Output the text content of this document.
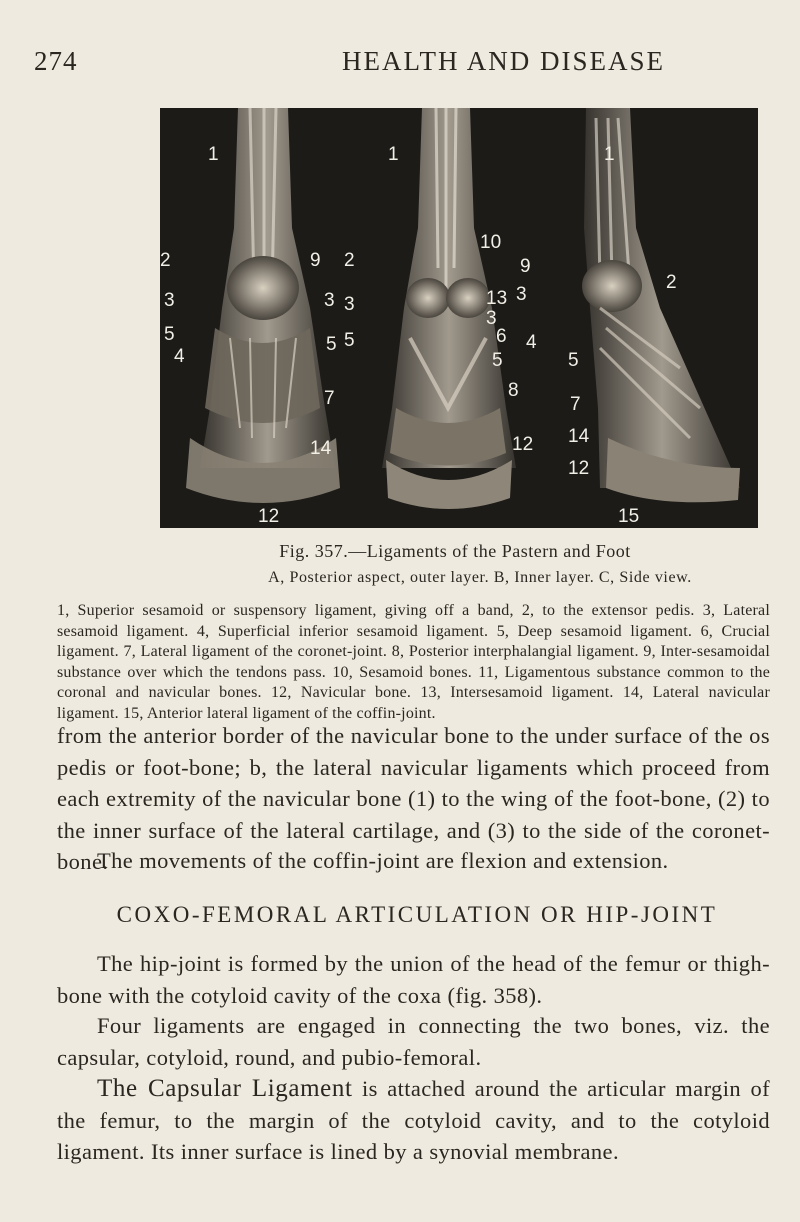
274	HEALTH AND DISEASE
1
2	9
3	3
5	5
4
7
14
12
1
10
2
13
3
3
6
5
5
8
12
1
9
2
3
4
5
7
14
12
15
Fig. 357.—Ligaments of the Pastern and Foot
A, Posterior aspect, outer layer. B, Inner layer. C, Side view.
1, Superior sesamoid or suspensory ligament, giving off a band, 2, to the extensor pedis. 3, Lateral sesamoid ligament. 4, Superficial inferior sesamoid ligament. 5, Deep sesamoid ligament. 6, Crucial ligament. 7, Lateral ligament of the coronet-joint. 8, Posterior interphalangial ligament. 9, Inter-sesamoidal substance over which the tendons pass. 10, Sesamoid bones. 11, Ligamentous substance common to the coronal and navicular bones. 12, Navicular bone. 13, Intersesamoid ligament. 14, Lateral navicular ligament. 15, Anterior lateral ligament of the coffin-joint.

from the anterior border of the navicular bone to the under surface of the os pedis or foot-bone; b, the lateral navicular ligaments which proceed from each extremity of the navicular bone (1) to the wing of the foot-bone, (2) to the inner surface of the lateral cartilage, and (3) to the side of the coronet-bone.

The movements of the coffin-joint are flexion and extension.

COXO-FEMORAL ARTICULATION OR HIP-JOINT

The hip-joint is formed by the union of the head of the femur or thigh-bone with the cotyloid cavity of the coxa (fig. 358).

Four ligaments are engaged in connecting the two bones, viz. the capsular, cotyloid, round, and pubio-femoral.

The Capsular Ligament is attached around the articular margin of the femur, to the margin of the cotyloid cavity, and to the cotyloid ligament. Its inner surface is lined by a synovial membrane.
